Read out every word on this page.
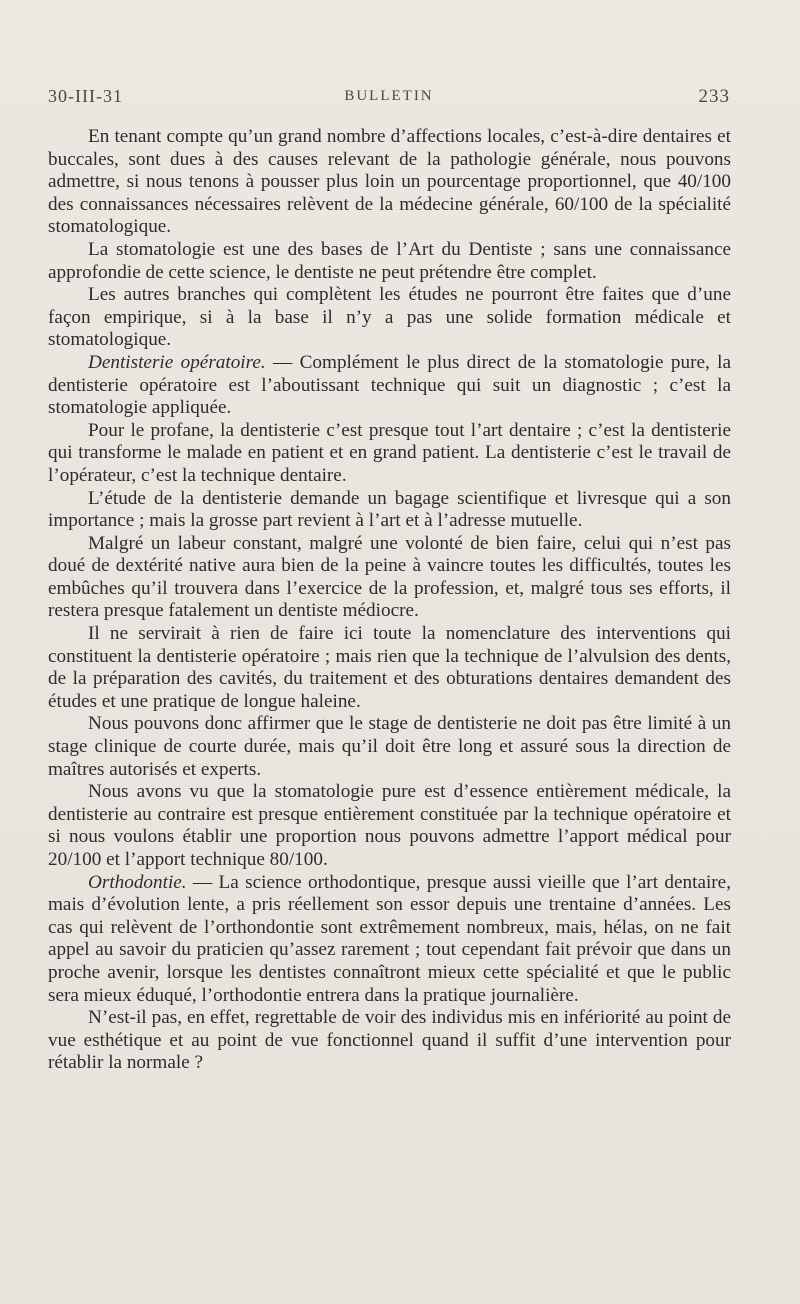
30-III-31	BULLETIN	233

En tenant compte qu’un grand nombre d’affections locales, c’est-à-dire dentaires et buccales, sont dues à des causes relevant de la pathologie générale, nous pouvons admettre, si nous tenons à pousser plus loin un pourcentage proportionnel, que 40/100 des connaissances nécessaires relèvent de la médecine générale, 60/100 de la spécialité stomatologique.

La stomatologie est une des bases de l’Art du Dentiste ; sans une connaissance approfondie de cette science, le dentiste ne peut prétendre être complet.

Les autres branches qui complètent les études ne pourront être faites que d’une façon empirique, si à la base il n’y a pas une solide formation médicale et stomatologique.

Dentisterie opératoire. — Complément le plus direct de la stomatologie pure, la dentisterie opératoire est l’aboutissant technique qui suit un diagnostic ; c’est la stomatologie appliquée.

Pour le profane, la dentisterie c’est presque tout l’art dentaire ; c’est la dentisterie qui transforme le malade en patient et en grand patient. La dentisterie c’est le travail de l’opérateur, c’est la technique dentaire.

L’étude de la dentisterie demande un bagage scientifique et livresque qui a son importance ; mais la grosse part revient à l’art et à l’adresse mutuelle.

Malgré un labeur constant, malgré une volonté de bien faire, celui qui n’est pas doué de dextérité native aura bien de la peine à vaincre toutes les difficultés, toutes les embûches qu’il trouvera dans l’exercice de la profession, et, malgré tous ses efforts, il restera presque fatalement un dentiste médiocre.

Il ne servirait à rien de faire ici toute la nomenclature des interventions qui constituent la dentisterie opératoire ; mais rien que la technique de l’alvulsion des dents, de la préparation des cavités, du traitement et des obturations dentaires demandent des études et une pratique de longue haleine.

Nous pouvons donc affirmer que le stage de dentisterie ne doit pas être limité à un stage clinique de courte durée, mais qu’il doit être long et assuré sous la direction de maîtres autorisés et experts.

Nous avons vu que la stomatologie pure est d’essence entièrement médicale, la dentisterie au contraire est presque entièrement constituée par la technique opératoire et si nous voulons établir une proportion nous pouvons admettre l’apport médical pour 20/100 et l’apport technique 80/100.

Orthodontie. — La science orthodontique, presque aussi vieille que l’art dentaire, mais d’évolution lente, a pris réellement son essor depuis une trentaine d’années. Les cas qui relèvent de l’orthondontie sont extrêmement nombreux, mais, hélas, on ne fait appel au savoir du praticien qu’assez rarement ; tout cependant fait prévoir que dans un proche avenir, lorsque les dentistes connaîtront mieux cette spécialité et que le public sera mieux éduqué, l’orthodontie entrera dans la pratique journalière.

N’est-il pas, en effet, regrettable de voir des individus mis en infériorité au point de vue esthétique et au point de vue fonctionnel quand il suffit d’une intervention pour rétablir la normale ?
